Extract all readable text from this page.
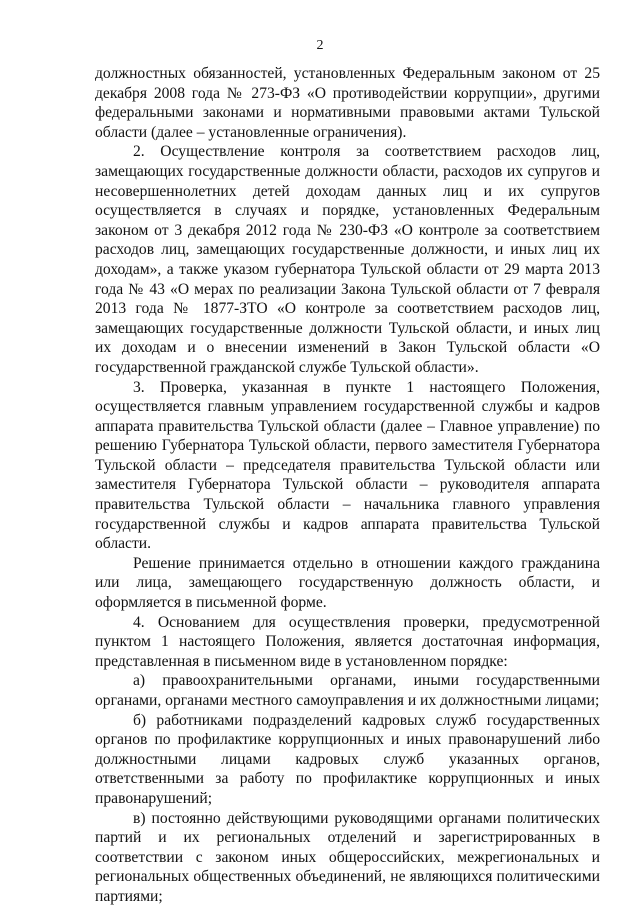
2

должностных обязанностей, установленных Федеральным законом от 25 декабря 2008 года № 273-ФЗ «О противодействии коррупции», другими федеральными законами и нормативными правовыми актами Тульской области (далее – установленные ограничения).

2. Осуществление контроля за соответствием расходов лиц, замещающих государственные должности области, расходов их супругов и несовершеннолетних детей доходам данных лиц и их супругов осуществляется в случаях и порядке, установленных Федеральным законом от 3 декабря 2012 года № 230-ФЗ «О контроле за соответствием расходов лиц, замещающих государственные должности, и иных лиц их доходам», а также указом губернатора Тульской области от 29 марта 2013 года № 43 «О мерах по реализации Закона Тульской области от 7 февраля 2013 года № 1877-ЗТО «О контроле за соответствием расходов лиц, замещающих государственные должности Тульской области, и иных лиц их доходам и о внесении изменений в Закон Тульской области «О государственной гражданской службе Тульской области».

3. Проверка, указанная в пункте 1 настоящего Положения, осуществляется главным управлением государственной службы и кадров аппарата правительства Тульской области (далее – Главное управление) по решению Губернатора Тульской области, первого заместителя Губернатора Тульской области – председателя правительства Тульской области или заместителя Губернатора Тульской области – руководителя аппарата правительства Тульской области – начальника главного управления государственной службы и кадров аппарата правительства Тульской области.

Решение принимается отдельно в отношении каждого гражданина или лица, замещающего государственную должность области, и оформляется в письменной форме.

4. Основанием для осуществления проверки, предусмотренной пунктом 1 настоящего Положения, является достаточная информация, представленная в письменном виде в установленном порядке:

а) правоохранительными органами, иными государственными органами, органами местного самоуправления и их должностными лицами;

б) работниками подразделений кадровых служб государственных органов по профилактике коррупционных и иных правонарушений либо должностными лицами кадровых служб указанных органов, ответственными за работу по профилактике коррупционных и иных правонарушений;

в) постоянно действующими руководящими органами политических партий и их региональных отделений и зарегистрированных в соответствии с законом иных общероссийских, межрегиональных и региональных общественных объединений, не являющихся политическими партиями;
